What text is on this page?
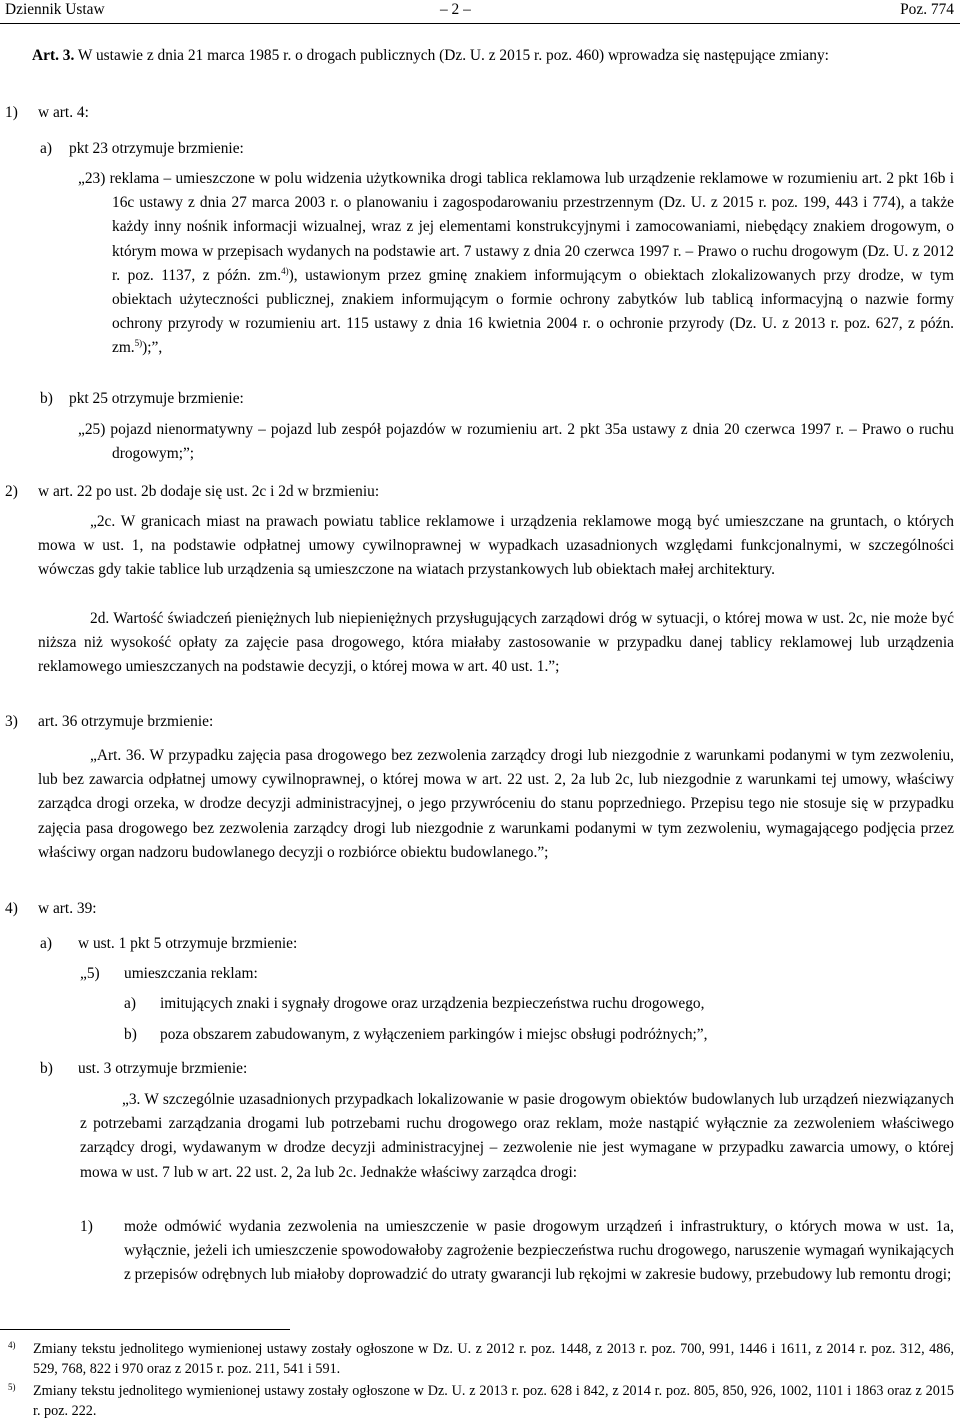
Dziennik Ustaw	– 2 –	Poz. 774
Art. 3. W ustawie z dnia 21 marca 1985 r. o drogach publicznych (Dz. U. z 2015 r. poz. 460) wprowadza się następujące zmiany:
1) w art. 4:
a) pkt 23 otrzymuje brzmienie:
„23) reklama – umieszczone w polu widzenia użytkownika drogi tablica reklamowa lub urządzenie reklamowe w rozumieniu art. 2 pkt 16b i 16c ustawy z dnia 27 marca 2003 r. o planowaniu i zagospodarowaniu przestrzennym (Dz. U. z 2015 r. poz. 199, 443 i 774), a także każdy inny nośnik informacji wizualnej, wraz z jej elementami konstrukcyjnymi i zamocowaniami, niebędący znakiem drogowym, o którym mowa w przepisach wydanych na podstawie art. 7 ustawy z dnia 20 czerwca 1997 r. – Prawo o ruchu drogowym (Dz. U. z 2012 r. poz. 1137, z późn. zm.$^{4)}$), ustawionym przez gminę znakiem informującym o obiektach zlokalizowanych przy drodze, w tym obiektach użyteczności publicznej, znakiem informującym o formie ochrony zabytków lub tablicą informacyjną o nazwie formy ochrony przyrody w rozumieniu art. 115 ustawy z dnia 16 kwietnia 2004 r. o ochronie przyrody (Dz. U. z 2013 r. poz. 627, z późn. zm.$^{5)}$);”,
b) pkt 25 otrzymuje brzmienie:
„25) pojazd nienormatywny – pojazd lub zespół pojazdów w rozumieniu art. 2 pkt 35a ustawy z dnia 20 czerwca 1997 r. – Prawo o ruchu drogowym;”;
2) w art. 22 po ust. 2b dodaje się ust. 2c i 2d w brzmieniu:
„2c. W granicach miast na prawach powiatu tablice reklamowe i urządzenia reklamowe mogą być umieszczane na gruntach, o których mowa w ust. 1, na podstawie odpłatnej umowy cywilnoprawnej w wypadkach uzasadnionych względami funkcjonalnymi, w szczególności wówczas gdy takie tablice lub urządzenia są umieszczone na wiatach przystankowych lub obiektach małej architektury.
2d. Wartość świadczeń pieniężnych lub niepieniężnych przysługujących zarządowi dróg w sytuacji, o której mowa w ust. 2c, nie może być niższa niż wysokość opłaty za zajęcie pasa drogowego, która miałaby zastosowanie w przypadku danej tablicy reklamowej lub urządzenia reklamowego umieszczanych na podstawie decyzji, o której mowa w art. 40 ust. 1.”;
3) art. 36 otrzymuje brzmienie:
„Art. 36. W przypadku zajęcia pasa drogowego bez zezwolenia zarządcy drogi lub niezgodnie z warunkami podanymi w tym zezwoleniu, lub bez zawarcia odpłatnej umowy cywilnoprawnej, o której mowa w art. 22 ust. 2, 2a lub 2c, lub niezgodnie z warunkami tej umowy, właściwy zarządca drogi orzeka, w drodze decyzji administracyjnej, o jego przywróceniu do stanu poprzedniego. Przepisu tego nie stosuje się w przypadku zajęcia pasa drogowego bez zezwolenia zarządcy drogi lub niezgodnie z warunkami podanymi w tym zezwoleniu, wymagającego podjęcia przez właściwy organ nadzoru budowlanego decyzji o rozbiórce obiektu budowlanego.”;
4) w art. 39:
a) w ust. 1 pkt 5 otrzymuje brzmienie:
„5) umieszczania reklam:
a) imitujących znaki i sygnały drogowe oraz urządzenia bezpieczeństwa ruchu drogowego,
b) poza obszarem zabudowanym, z wyłączeniem parkingów i miejsc obsługi podróżnych;”,
b) ust. 3 otrzymuje brzmienie:
„3. W szczególnie uzasadnionych przypadkach lokalizowanie w pasie drogowym obiektów budowlanych lub urządzeń niezwiązanych z potrzebami zarządzania drogami lub potrzebami ruchu drogowego oraz reklam, może nastąpić wyłącznie za zezwoleniem właściwego zarządcy drogi, wydawanym w drodze decyzji administracyjnej – zezwolenie nie jest wymagane w przypadku zawarcia umowy, o której mowa w ust. 7 lub w art. 22 ust. 2, 2a lub 2c. Jednakże właściwy zarządca drogi:
1) może odmówić wydania zezwolenia na umieszczenie w pasie drogowym urządzeń i infrastruktury, o których mowa w ust. 1a, wyłącznie, jeżeli ich umieszczenie spowodowałoby zagrożenie bezpieczeństwa ruchu drogowego, naruszenie wymagań wynikających z przepisów odrębnych lub miałoby doprowadzić do utraty gwarancji lub rękojmi w zakresie budowy, przebudowy lub remontu drogi;
4) Zmiany tekstu jednolitego wymienionej ustawy zostały ogłoszone w Dz. U. z 2012 r. poz. 1448, z 2013 r. poz. 700, 991, 1446 i 1611, z 2014 r. poz. 312, 486, 529, 768, 822 i 970 oraz z 2015 r. poz. 211, 541 i 591.
5) Zmiany tekstu jednolitego wymienionej ustawy zostały ogłoszone w Dz. U. z 2013 r. poz. 628 i 842, z 2014 r. poz. 805, 850, 926, 1002, 1101 i 1863 oraz z 2015 r. poz. 222.
